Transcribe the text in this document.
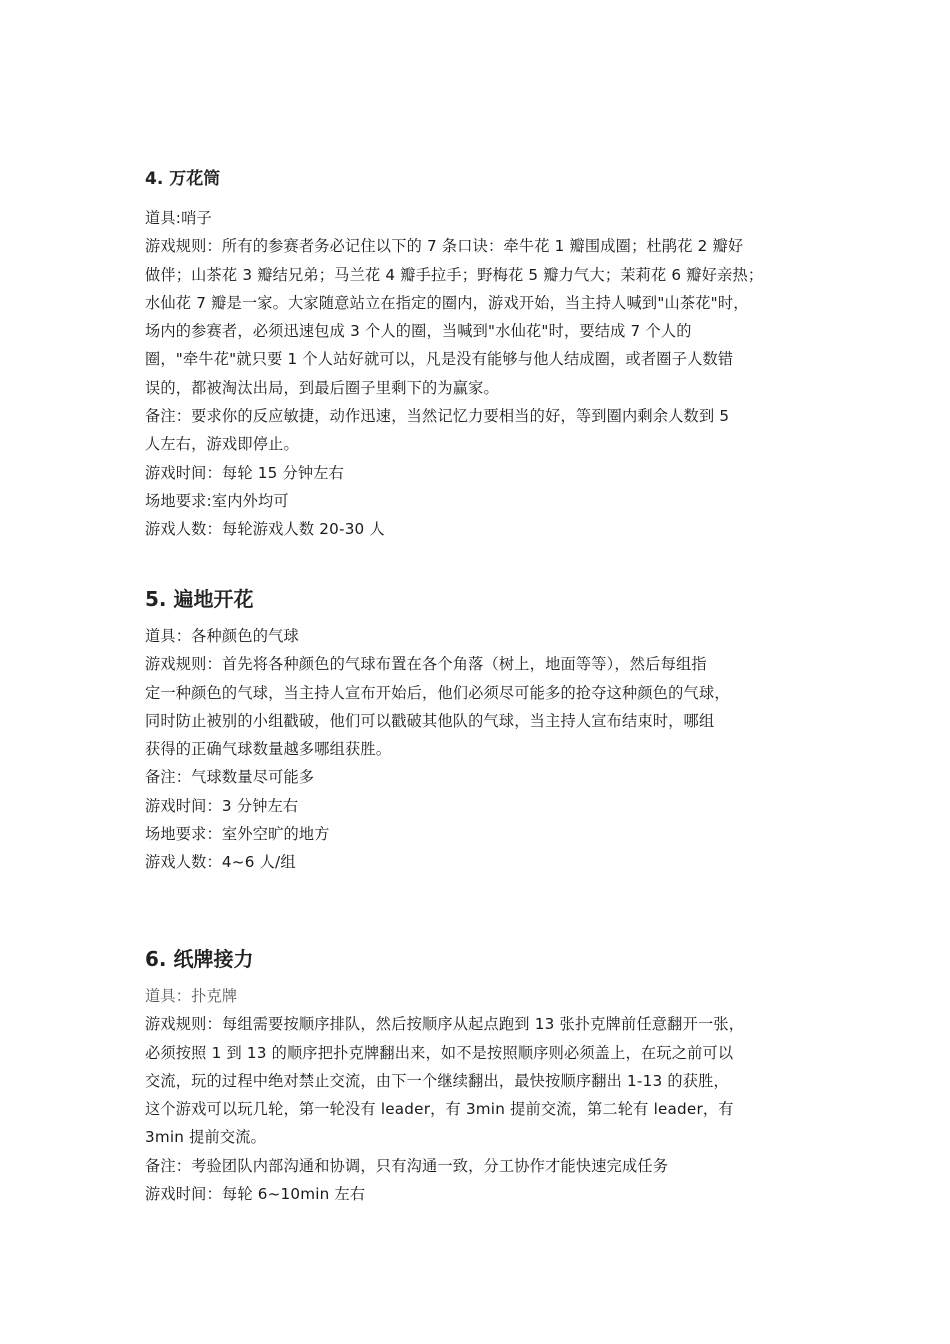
4. 万花筒
道具:哨子
游戏规则：所有的参赛者务必记住以下的 7 条口诀：牵牛花 1 瓣围成圈；杜鹃花 2 瓣好
做伴；山茶花 3 瓣结兄弟；马兰花 4 瓣手拉手；野梅花 5 瓣力气大；茉莉花 6 瓣好亲热；
水仙花 7 瓣是一家。大家随意站立在指定的圈内，游戏开始，当主持人喊到"山茶花"时，
场内的参赛者，必须迅速包成 3 个人的圈，当喊到"水仙花"时，要结成 7 个人的
圈，"牵牛花"就只要 1 个人站好就可以，凡是没有能够与他人结成圈，或者圈子人数错
误的，都被淘汰出局，到最后圈子里剩下的为赢家。
备注：要求你的反应敏捷，动作迅速，当然记忆力要相当的好，等到圈内剩余人数到 5
人左右，游戏即停止。
游戏时间：每轮 15 分钟左右
场地要求:室内外均可
游戏人数：每轮游戏人数 20-30 人
5. 遍地开花
道具：各种颜色的气球
游戏规则：首先将各种颜色的气球布置在各个角落（树上，地面等等），然后每组指
定一种颜色的气球，当主持人宣布开始后，他们必须尽可能多的抢夺这种颜色的气球，
同时防止被别的小组戳破，他们可以戳破其他队的气球，当主持人宣布结束时，哪组
获得的正确气球数量越多哪组获胜。
备注：气球数量尽可能多
游戏时间：3 分钟左右
场地要求：室外空旷的地方
游戏人数：4~6 人/组
6. 纸牌接力
道具：扑克牌
游戏规则：每组需要按顺序排队，然后按顺序从起点跑到 13 张扑克牌前任意翻开一张，
必须按照 1 到 13 的顺序把扑克牌翻出来，如不是按照顺序则必须盖上，在玩之前可以
交流，玩的过程中绝对禁止交流，由下一个继续翻出，最快按顺序翻出 1-13 的获胜，
这个游戏可以玩几轮，第一轮没有 leader，有 3min 提前交流，第二轮有 leader，有
3min 提前交流。
备注：考验团队内部沟通和协调，只有沟通一致，分工协作才能快速完成任务
游戏时间：每轮 6~10min 左右
